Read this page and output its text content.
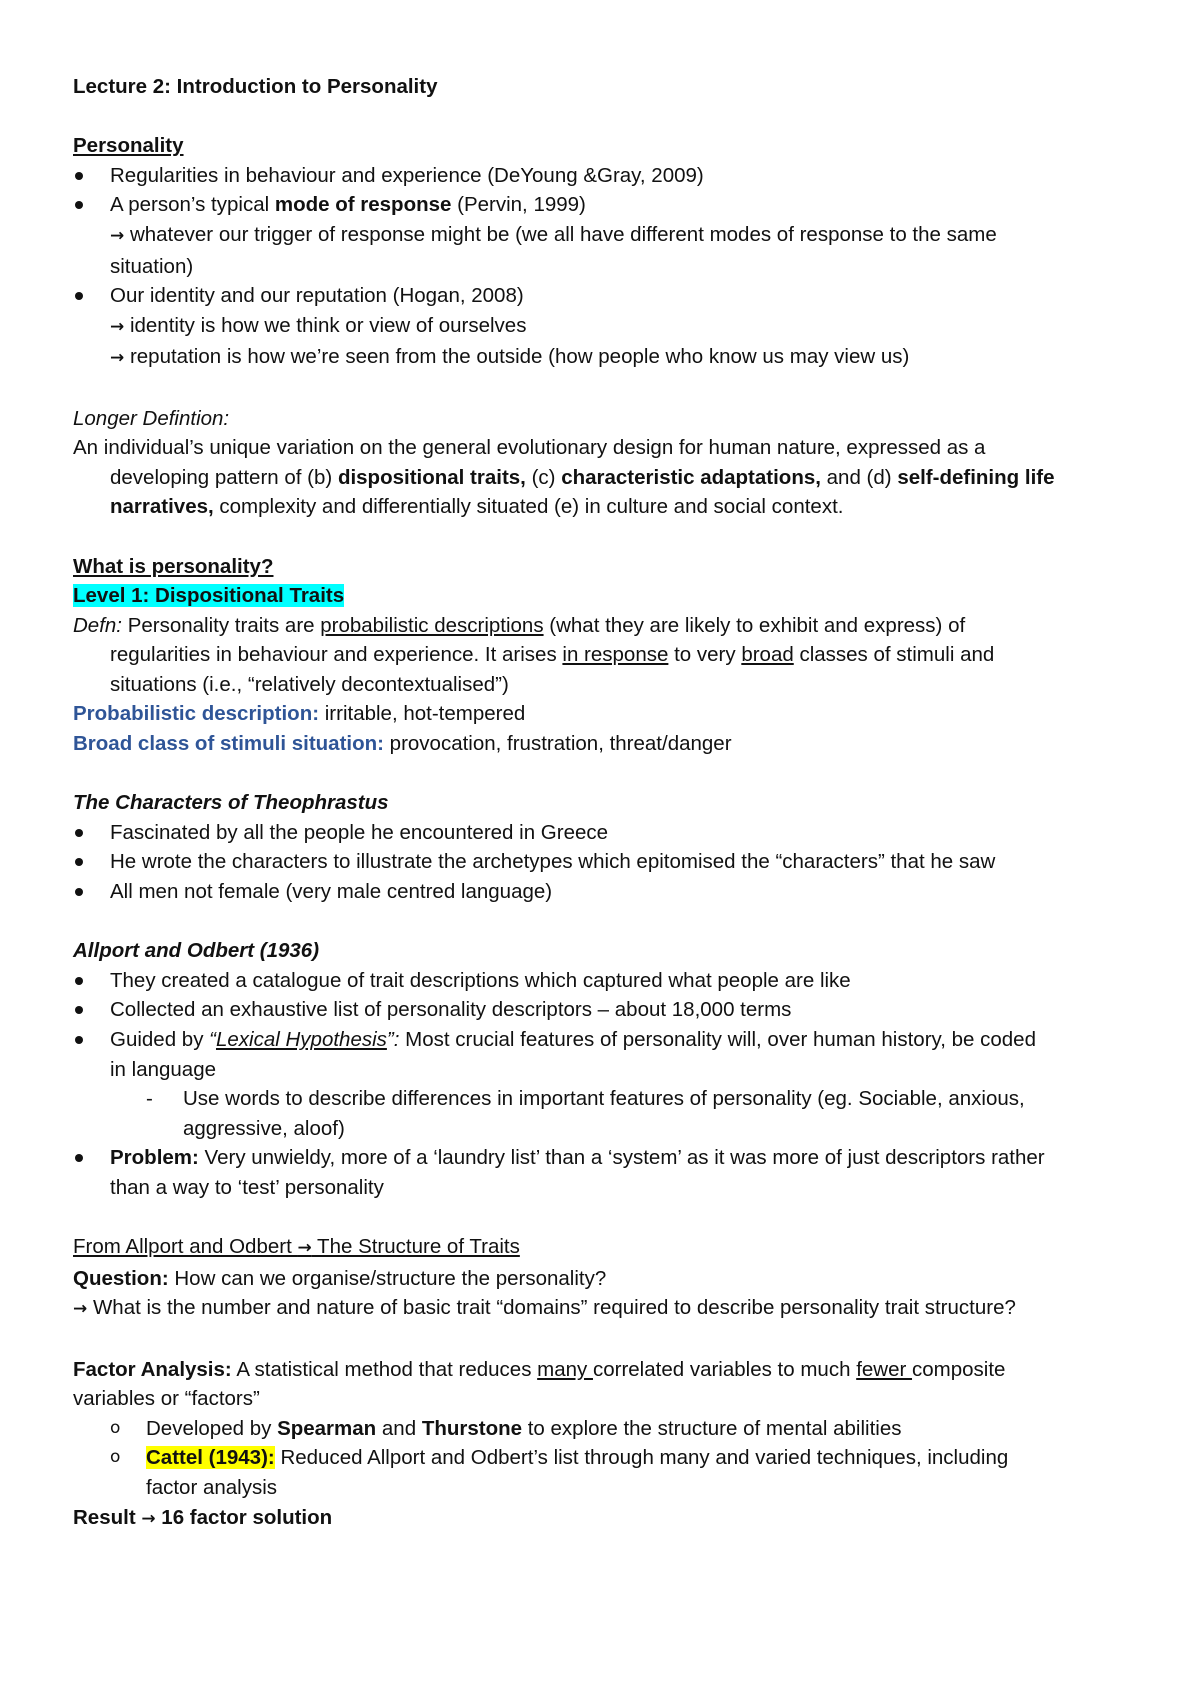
Lecture 2: Introduction to Personality
Personality
Regularities in behaviour and experience (DeYoung &Gray, 2009)
A person’s typical mode of response (Pervin, 1999)
→ whatever our trigger of response might be (we all have different modes of response to the same
situation)
Our identity and our reputation (Hogan, 2008)
→ identity is how we think or view of ourselves
→ reputation is how we’re seen from the outside (how people who know us may view us)
Longer Defintion:
An individual’s unique variation on the general evolutionary design for human nature, expressed as a
developing pattern of (b) dispositional traits, (c) characteristic adaptations, and (d) self-defining life
narratives, complexity and differentially situated (e) in culture and social context.
What is personality?
Level 1: Dispositional Traits
Defn: Personality traits are probabilistic descriptions (what they are likely to exhibit and express) of
regularities in behaviour and experience. It arises in response to very broad classes of stimuli and
situations (i.e., “relatively decontextualised”)
Probabilistic description: irritable, hot-tempered
Broad class of stimuli situation: provocation, frustration, threat/danger
The Characters of Theophrastus
Fascinated by all the people he encountered in Greece
He wrote the characters to illustrate the archetypes which epitomised the “characters” that he saw
All men not female (very male centred language)
Allport and Odbert (1936)
They created a catalogue of trait descriptions which captured what people are like
Collected an exhaustive list of personality descriptors – about 18,000 terms
Guided by “Lexical Hypothesis”: Most crucial features of personality will, over human history, be coded
in language
- Use words to describe differences in important features of personality (eg. Sociable, anxious,
aggressive, aloof)
Problem: Very unwieldy, more of a ‘laundry list’ than a ‘system’ as it was more of just descriptors rather
than a way to ‘test’ personality
From Allport and Odbert → The Structure of Traits
Question: How can we organise/structure the personality?
→ What is the number and nature of basic trait “domains” required to describe personality trait structure?
Factor Analysis: A statistical method that reduces many correlated variables to much fewer composite
variables or “factors”
o Developed by Spearman and Thurstone to explore the structure of mental abilities
o Cattel (1943): Reduced Allport and Odbert’s list through many and varied techniques, including
factor analysis
Result → 16 factor solution
